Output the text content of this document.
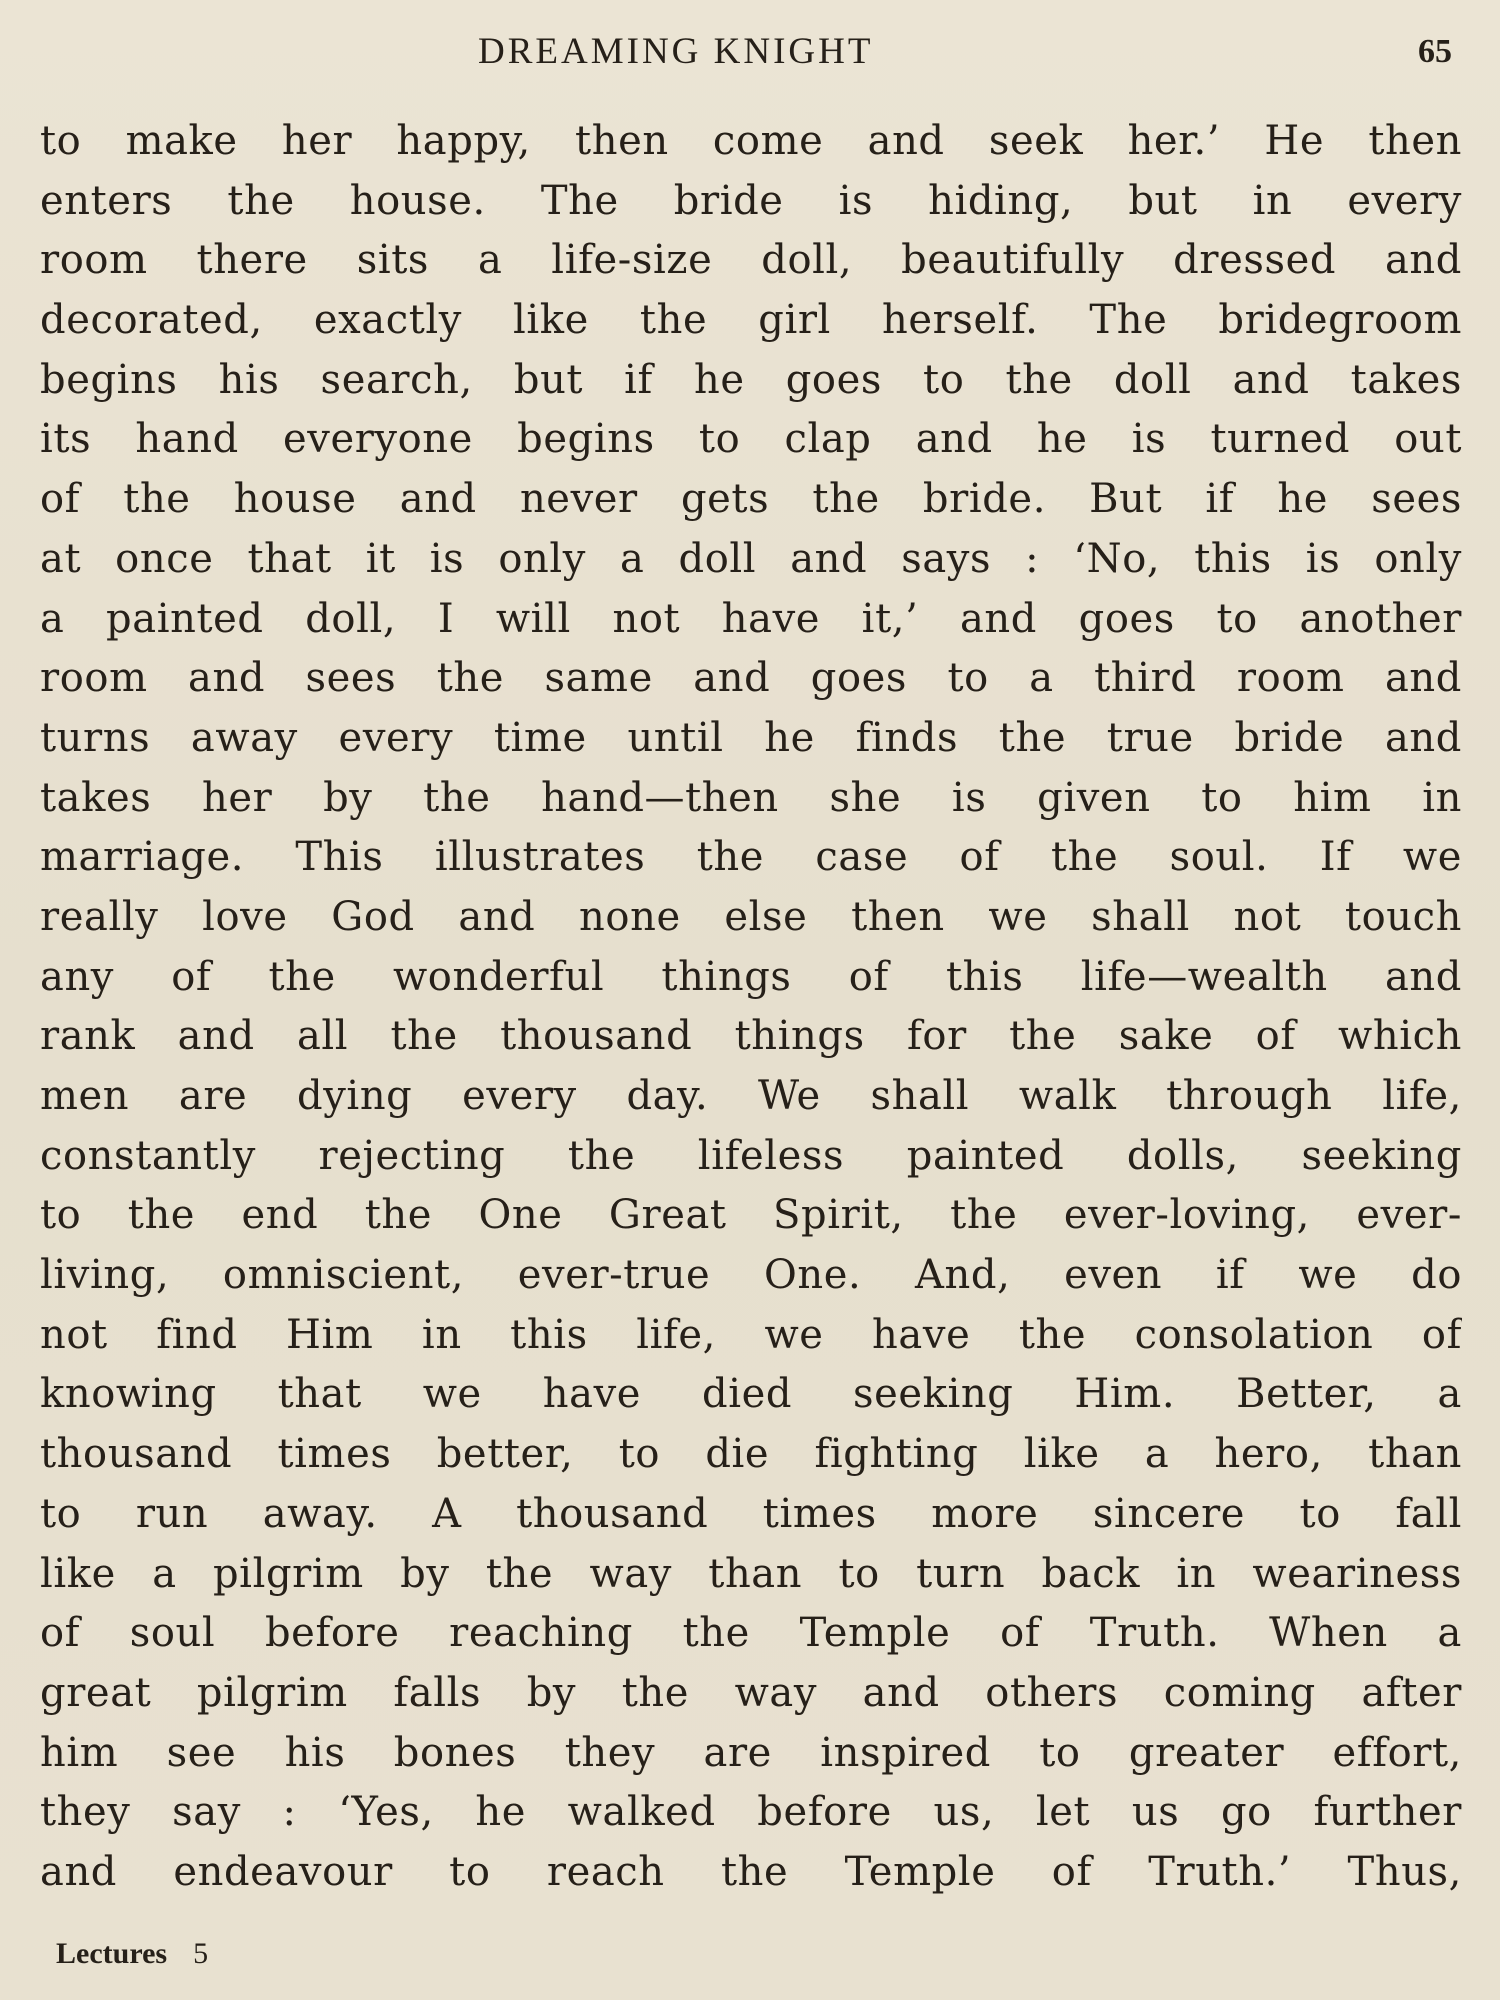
DREAMING KNIGHT	65
to make her happy, then come and seek her.’ He then
enters the house. The bride is hiding, but in every
room there sits a life-size doll, beautifully dressed and
decorated, exactly like the girl herself. The bridegroom
begins his search, but if he goes to the doll and takes
its hand everyone begins to clap and he is turned out
of the house and never gets the bride. But if he sees
at once that it is only a doll and says : ‘No, this is only
a painted doll, I will not have it,’ and goes to another
room and sees the same and goes to a third room and
turns away every time until he finds the true bride and
takes her by the hand—then she is given to him in
marriage. This illustrates the case of the soul. If we
really love God and none else then we shall not touch
any of the wonderful things of this life—wealth and
rank and all the thousand things for the sake of which
men are dying every day. We shall walk through life,
constantly rejecting the lifeless painted dolls, seeking
to the end the One Great Spirit, the ever-loving, ever-
living, omniscient, ever-true One. And, even if we do
not find Him in this life, we have the consolation of
knowing that we have died seeking Him. Better, a
thousand times better, to die fighting like a hero, than
to run away. A thousand times more sincere to fall
like a pilgrim by the way than to turn back in weariness
of soul before reaching the Temple of Truth. When a
great pilgrim falls by the way and others coming after
him see his bones they are inspired to greater effort,
they say : ‘Yes, he walked before us, let us go further
and endeavour to reach the Temple of Truth.’ Thus,
Lectures 5
